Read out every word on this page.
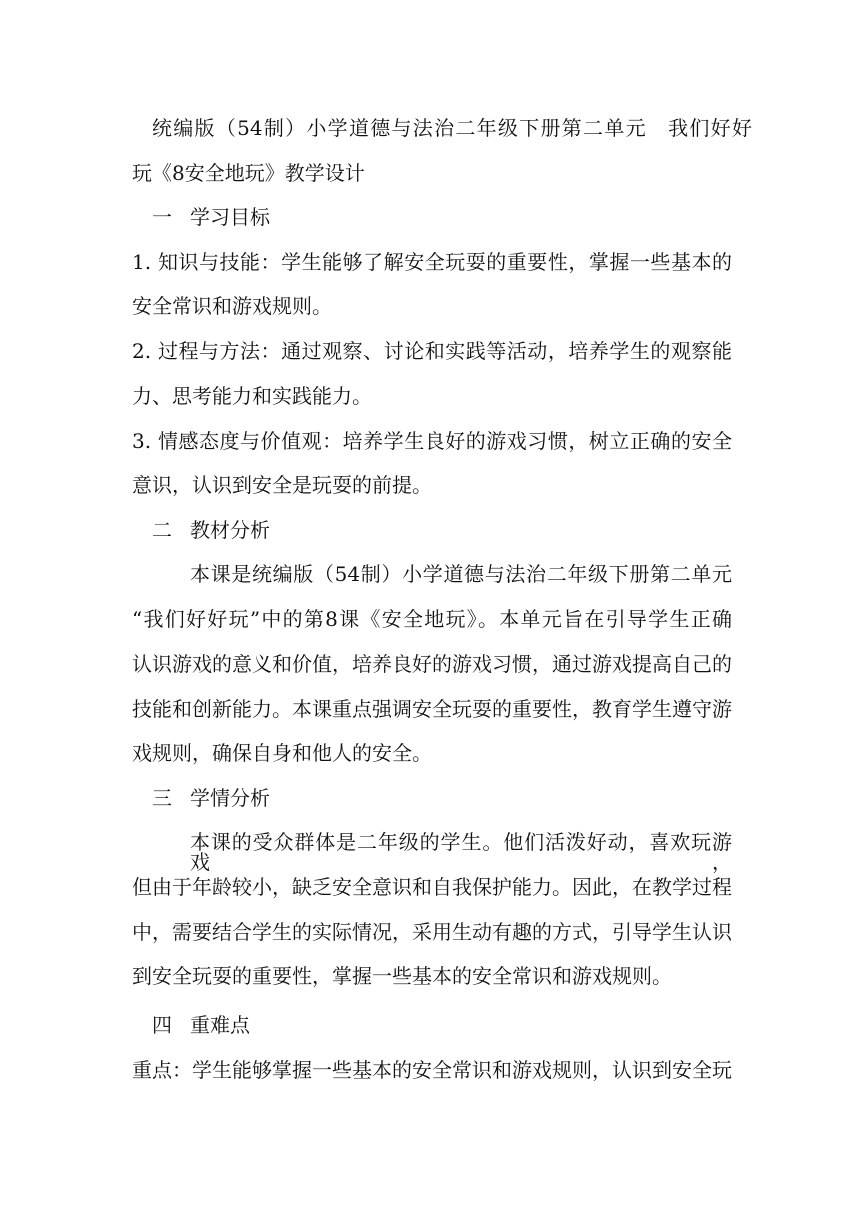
统编版（54制）小学道德与法治二年级下册第二单元　我们好好
玩《8安全地玩》教学设计
一 学习目标
1. 知识与技能：学生能够了解安全玩耍的重要性，掌握一些基本的
安全常识和游戏规则。
2. 过程与方法：通过观察、讨论和实践等活动，培养学生的观察能
力、思考能力和实践能力。
3. 情感态度与价值观：培养学生良好的游戏习惯，树立正确的安全
意识，认识到安全是玩耍的前提。
二 教材分析
本课是统编版（54制）小学道德与法治二年级下册第二单元
“我们好好玩”中的第8课《安全地玩》。本单元旨在引导学生正确
认识游戏的意义和价值，培养良好的游戏习惯，通过游戏提高自己的
技能和创新能力。本课重点强调安全玩耍的重要性，教育学生遵守游
戏规则，确保自身和他人的安全。
三 学情分析
本课的受众群体是二年级的学生。他们活泼好动，喜欢玩游戏，
但由于年龄较小，缺乏安全意识和自我保护能力。因此，在教学过程
中，需要结合学生的实际情况，采用生动有趣的方式，引导学生认识
到安全玩耍的重要性，掌握一些基本的安全常识和游戏规则。
四 重难点
重点：学生能够掌握一些基本的安全常识和游戏规则，认识到安全玩
